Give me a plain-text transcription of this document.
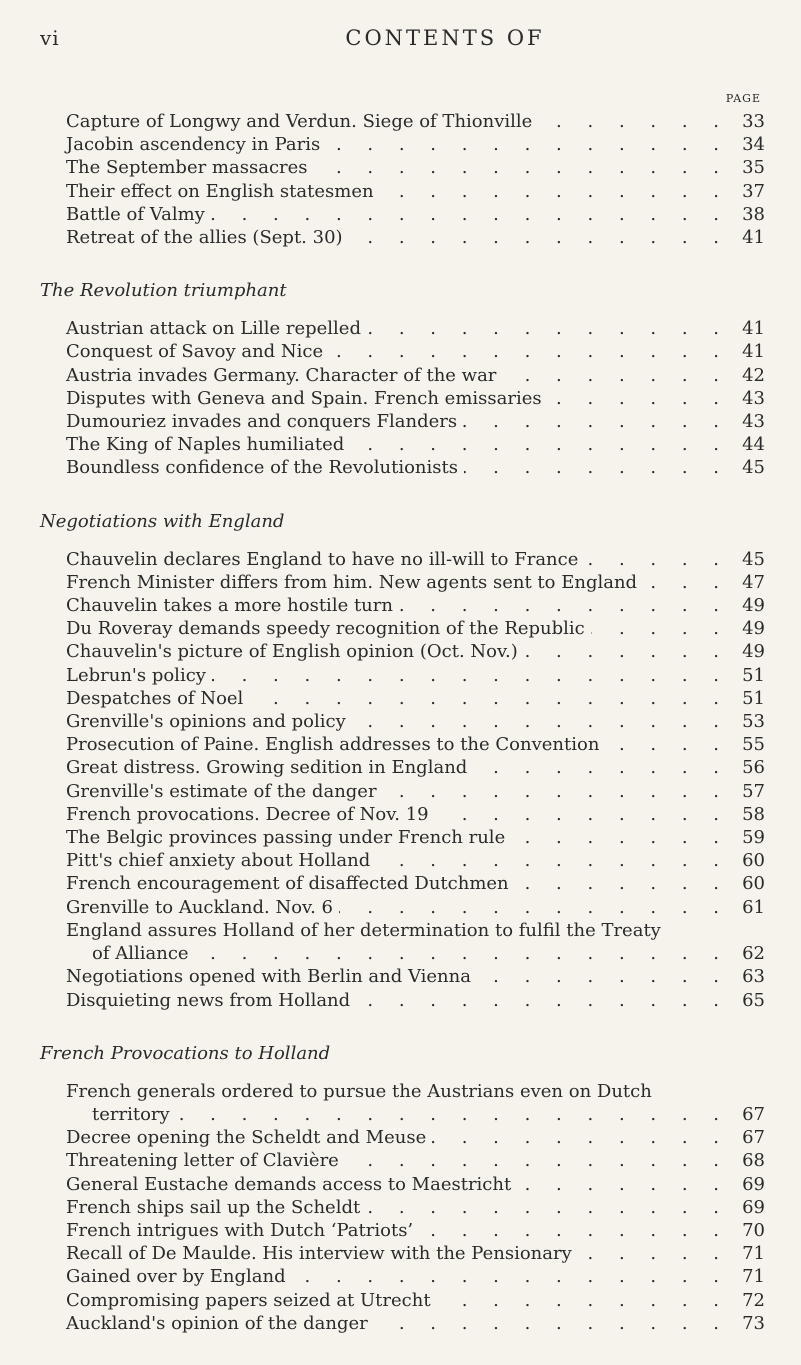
vi	CONTENTS OF
PAGE
Capture of Longwy and Verdun. Siege of Thionville . . .	33
Jacobin ascendency in Paris . . .	34
The September massacres . . .	35
Their effect on English statesmen . . .	37
Battle of Valmy . . .	38
Retreat of the allies (Sept. 30) . . .	41
The Revolution triumphant
Austrian attack on Lille repelled . . .	41
Conquest of Savoy and Nice . . .	41
Austria invades Germany. Character of the war . . .	42
Disputes with Geneva and Spain. French emissaries . . .	43
Dumouriez invades and conquers Flanders . . .	43
The King of Naples humiliated . . .	44
Boundless confidence of the Revolutionists . . .	45
Negotiations with England
Chauvelin declares England to have no ill-will to France . . .	45
French Minister differs from him. New agents sent to England . . .	47
Chauvelin takes a more hostile turn . . .	49
Du Roveray demands speedy recognition of the Republic . . .	49
Chauvelin's picture of English opinion (Oct. Nov.) . . .	49
Lebrun's policy . . .	51
Despatches of Noel . . .	51
Grenville's opinions and policy . . .	53
Prosecution of Paine. English addresses to the Convention . . .	55
Great distress. Growing sedition in England . . .	56
Grenville's estimate of the danger . . .	57
French provocations. Decree of Nov. 19 . . .	58
The Belgic provinces passing under French rule . . .	59
Pitt's chief anxiety about Holland . . .	60
French encouragement of disaffected Dutchmen . . .	60
Grenville to Auckland. Nov. 6 . . .	61
England assures Holland of her determination to fulfil the Treaty
of Alliance . . .	62
Negotiations opened with Berlin and Vienna . . .	63
Disquieting news from Holland . . .	65
French Provocations to Holland
French generals ordered to pursue the Austrians even on Dutch
territory . . .	67
Decree opening the Scheldt and Meuse . . .	67
Threatening letter of Clavière . . .	68
General Eustache demands access to Maestricht . . .	69
French ships sail up the Scheldt . . .	69
French intrigues with Dutch ‘Patriots’ . . .	70
Recall of De Maulde. His interview with the Pensionary . . .	71
Gained over by England . . .	71
Compromising papers seized at Utrecht . . .	72
Auckland's opinion of the danger . . .	73
